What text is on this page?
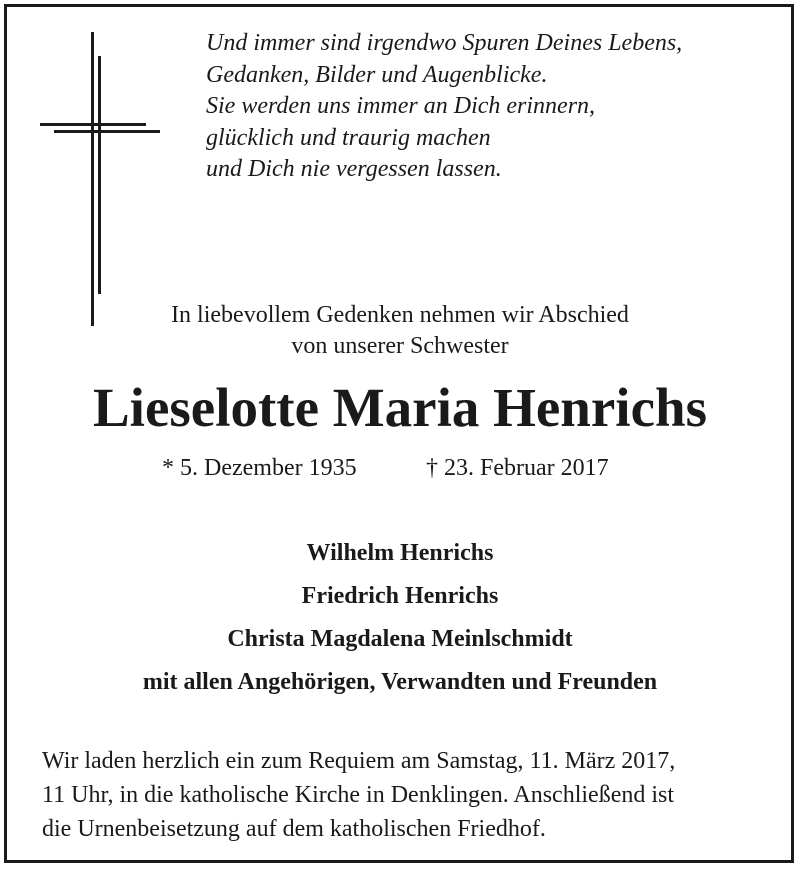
Und immer sind irgendwo Spuren Deines Lebens,
Gedanken, Bilder und Augenblicke.
Sie werden uns immer an Dich erinnern,
glücklich und traurig machen
und Dich nie vergessen lassen.
In liebevollem Gedenken nehmen wir Abschied
von unserer Schwester
Lieselotte Maria Henrichs
* 5. Dezember 1935	† 23. Februar 2017
Wilhelm Henrichs
Friedrich Henrichs
Christa Magdalena Meinlschmidt
mit allen Angehörigen, Verwandten und Freunden
Wir laden herzlich ein zum Requiem am Samstag, 11. März 2017,
11 Uhr, in die katholische Kirche in Denklingen. Anschließend ist
die Urnenbeisetzung auf dem katholischen Friedhof.
